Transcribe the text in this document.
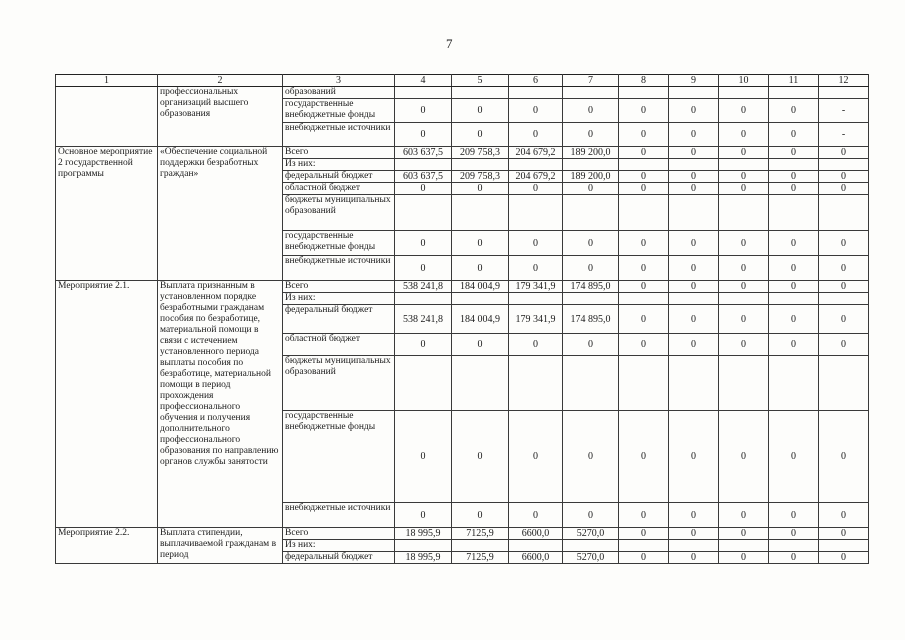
7
1	2	3	4	5	6	7	8	9	10	11	12
	профессиональных организаций высшего образования	образований									
		государственные внебюджетные фонды	0	0	0	0	0	0	0	0	-
		внебюджетные источники	0	0	0	0	0	0	0	0	-
Основное мероприятие 2 государственной программы	«Обеспечение социальной поддержки безработных граждан»	Всего	603 637,5	209 758,3	204 679,2	189 200,0	0	0	0	0	0
		Из них:									
		федеральный бюджет	603 637,5	209 758,3	204 679,2	189 200,0	0	0	0	0	0
		областной бюджет	0	0	0	0	0	0	0	0	0
		бюджеты муниципальных образований									
		государственные внебюджетные фонды	0	0	0	0	0	0	0	0	0
		внебюджетные источники	0	0	0	0	0	0	0	0	0
Мероприятие 2.1.	Выплата признанным в установленном порядке безработными гражданам пособия по безработице, материальной помощи в связи с истечением установленного периода выплаты пособия по безработице, материальной помощи в период прохождения профессионального обучения и получения дополнительного профессионального образования по направлению органов службы занятости	Всего	538 241,8	184 004,9	179 341,9	174 895,0	0	0	0	0	0
		Из них:									
		федеральный бюджет	538 241,8	184 004,9	179 341,9	174 895,0	0	0	0	0	0
		областной бюджет	0	0	0	0	0	0	0	0	0
		бюджеты муниципальных образований									
		государственные внебюджетные фонды	0	0	0	0	0	0	0	0	0
		внебюджетные источники	0	0	0	0	0	0	0	0	0
Мероприятие 2.2.	Выплата стипендии, выплачиваемой гражданам в период	Всего	18 995,9	7125,9	6600,0	5270,0	0	0	0	0	0
		Из них:									
		федеральный бюджет	18 995,9	7125,9	6600,0	5270,0	0	0	0	0	0
